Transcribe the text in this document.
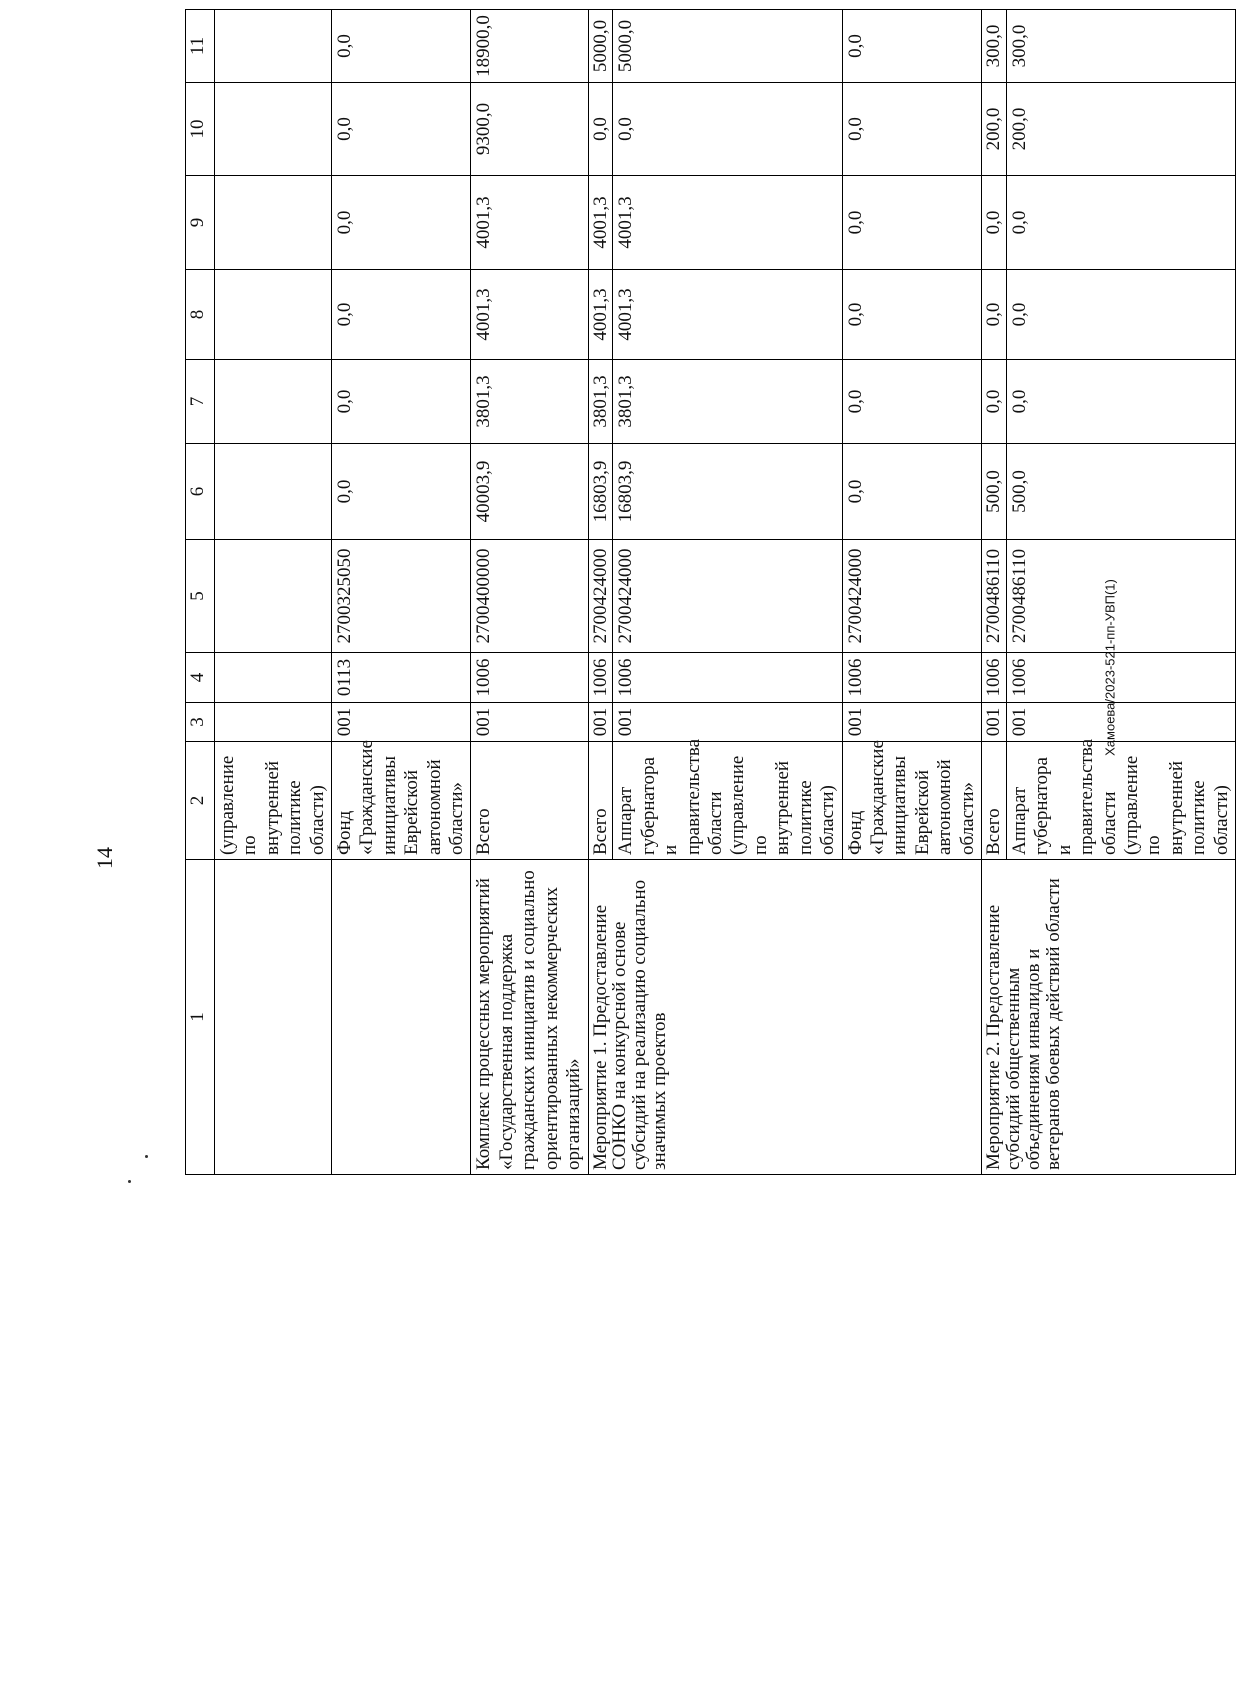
14
Хамоева/2023-521-пп-УВП(1)
1	2	3	4	5	6	7	8	9	10	11
	(управление по внутренней политике области)									
	Фонд «Гражданские инициативы Еврейской автономной области»	001	0113	2700325050	0,0	0,0	0,0	0,0	0,0	0,0
Комплекс процессных мероприятий «Государственная поддержка гражданских инициатив и социально ориентированных некоммерческих организаций»	Всего	001	1006	2700400000	40003,9	3801,3	4001,3	4001,3	9300,0	18900,0
Мероприятие 1. Предоставление СОНКО на конкурсной основе субсидий на реализацию социально значимых проектов	Всего	001	1006	2700424000	16803,9	3801,3	4001,3	4001,3	0,0	5000,0
	Аппарат губернатора и правительства области (управление по внутренней политике области)	001	1006	2700424000	16803,9	3801,3	4001,3	4001,3	0,0	5000,0
	Фонд «Гражданские инициативы Еврейской автономной области»	001	1006	2700424000	0,0	0,0	0,0	0,0	0,0	0,0
Мероприятие 2. Предоставление субсидий общественным объединениям инвалидов и ветеранов боевых действий области	Всего	001	1006	2700486110	500,0	0,0	0,0	0,0	200,0	300,0
	Аппарат губернатора и правительства области (управление по внутренней политике области)	001	1006	2700486110	500,0	0,0	0,0	0,0	200,0	300,0
